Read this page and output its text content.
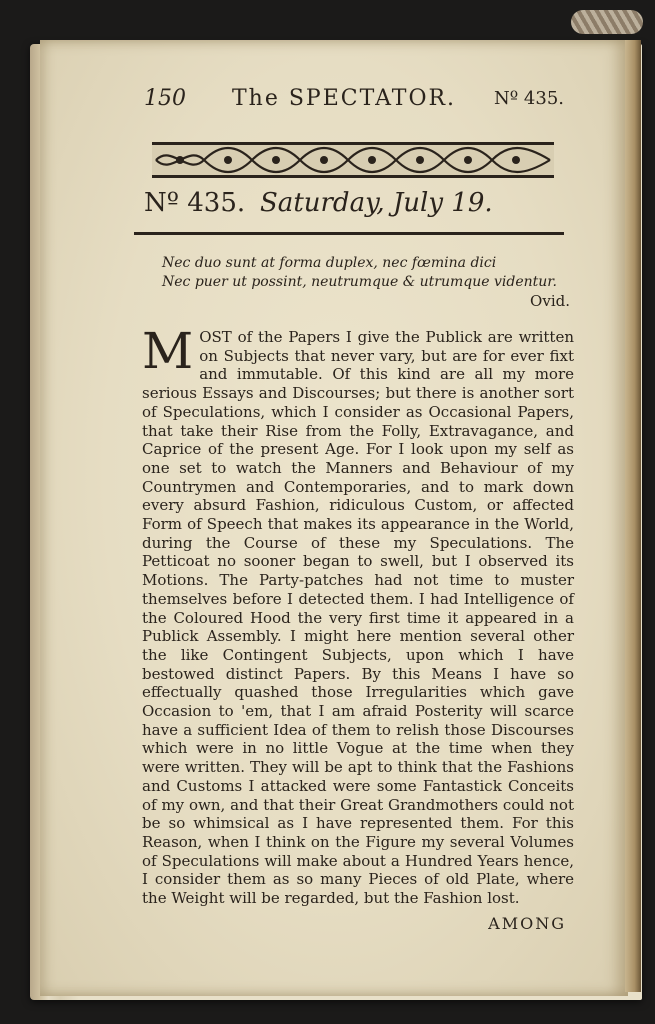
150 The SPECTATOR. Nº 435.
Nº 435. Saturday, July 19.
Nec duo sunt at forma duplex, nec fœmina dici
Nec puer ut possint, neutrumque & utrumque videntur.
Ovid.
M OST of the Papers I give the Publick are written on Subjects that never vary, but are for ever fixt and immutable. Of this kind are all my more serious Essays and Discourses; but there is another sort of Speculations, which I consider as Occasional Papers, that take their Rise from the Folly, Extravagance, and Caprice of the present Age. For I look upon my self as one set to watch the Manners and Behaviour of my Countrymen and Contemporaries, and to mark down every absurd Fashion, ridiculous Custom, or affected Form of Speech that makes its appearance in the World, during the Course of these my Speculations. The Petticoat no sooner began to swell, but I observed its Motions. The Party-patches had not time to muster themselves before I detected them. I had Intelligence of the Coloured Hood the very first time it appeared in a Publick Assembly. I might here mention several other the like Contingent Subjects, upon which I have bestowed distinct Papers. By this Means I have so effectually quashed those Irregularities which gave Occasion to 'em, that I am afraid Posterity will scarce have a sufficient Idea of them to relish those Discourses which were in no little Vogue at the time when they were written. They will be apt to think that the Fashions and Customs I attacked were some Fantastick Conceits of my own, and that their Great Grandmothers could not be so whimsical as I have represented them. For this Reason, when I think on the Figure my several Volumes of Speculations will make about a Hundred Years hence, I consider them as so many Pieces of old Plate, where the Weight will be regarded, but the Fashion lost.
AMONG
